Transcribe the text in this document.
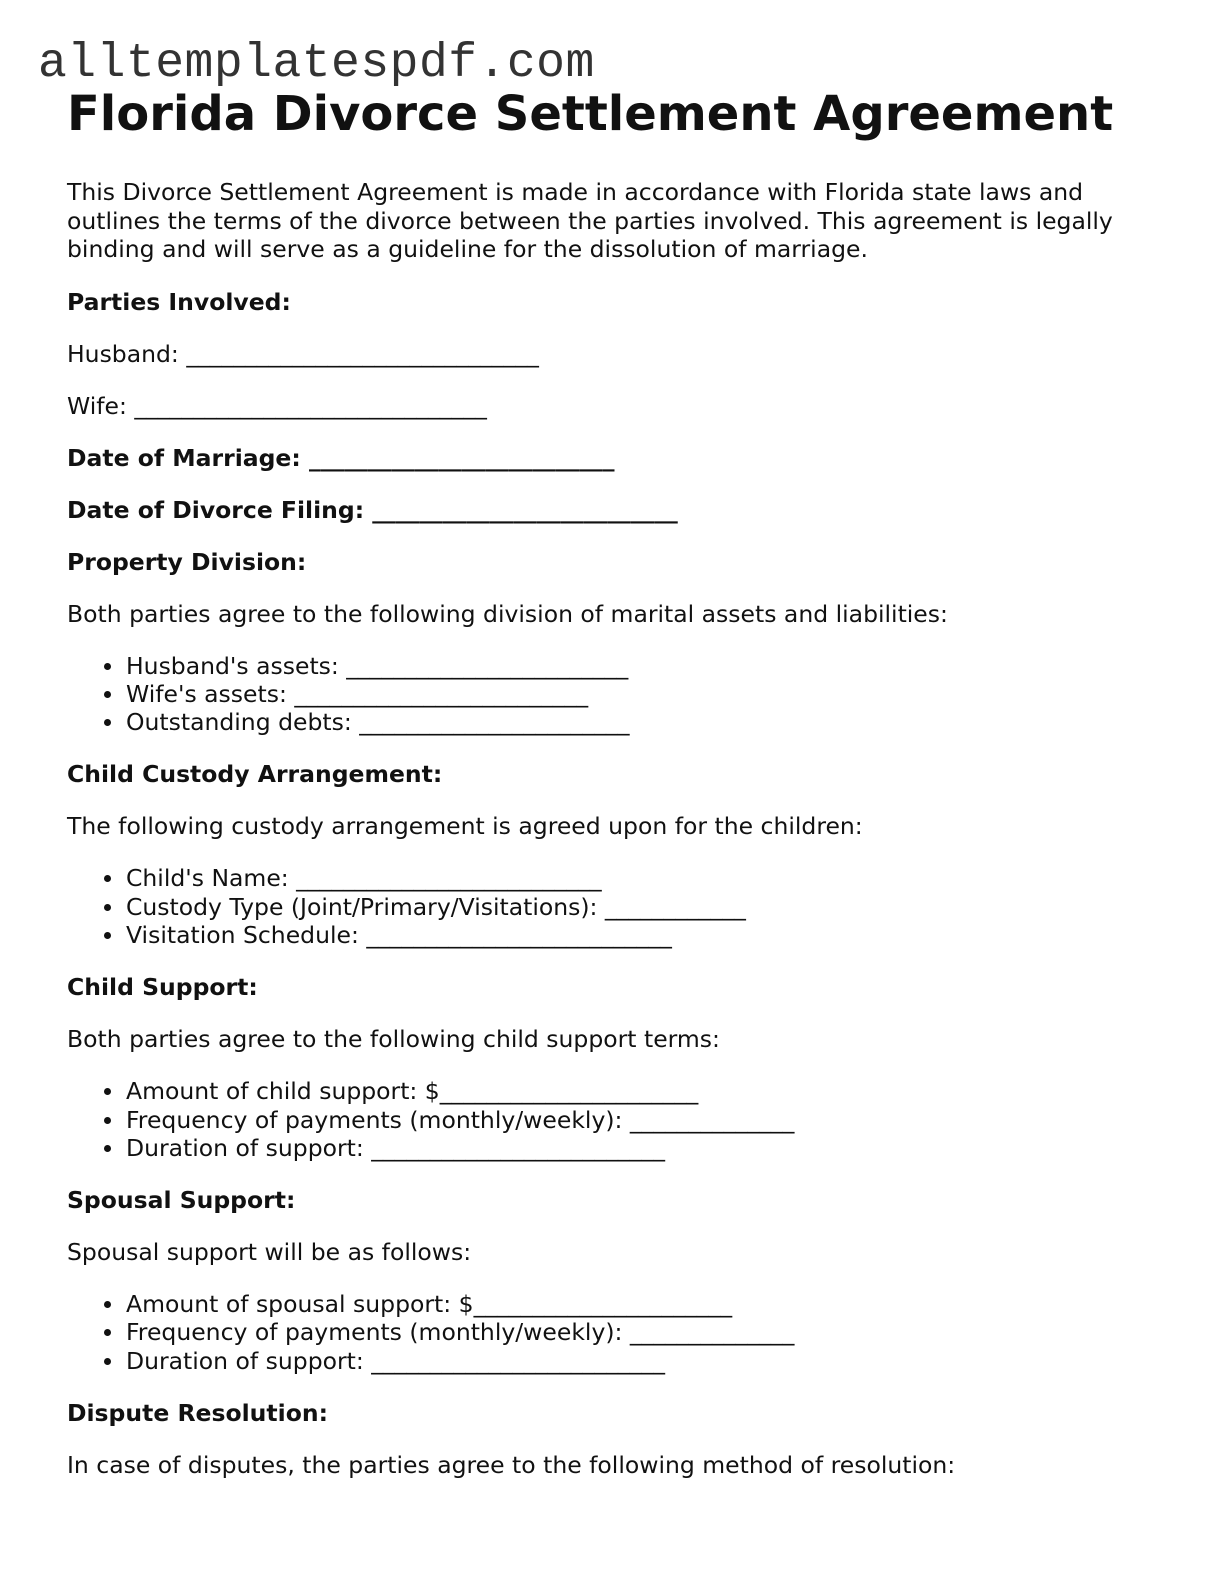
alltemplatespdf.com
Florida Divorce Settlement Agreement

This Divorce Settlement Agreement is made in accordance with Florida state laws and outlines the terms of the divorce between the parties involved. This agreement is legally binding and will serve as a guideline for the dissolution of marriage.

Parties Involved:

Husband: ______________________________

Wife: ______________________________

Date of Marriage: __________________________

Date of Divorce Filing: __________________________

Property Division:

Both parties agree to the following division of marital assets and liabilities:

Husband's assets: ________________________
Wife's assets: _________________________
Outstanding debts: _______________________

Child Custody Arrangement:

The following custody arrangement is agreed upon for the children:

Child's Name: __________________________
Custody Type (Joint/Primary/Visitations): ____________
Visitation Schedule: __________________________

Child Support:

Both parties agree to the following child support terms:

Amount of child support: $______________________
Frequency of payments (monthly/weekly): ______________
Duration of support: _________________________

Spousal Support:

Spousal support will be as follows:

Amount of spousal support: $______________________
Frequency of payments (monthly/weekly): ______________
Duration of support: _________________________

Dispute Resolution:

In case of disputes, the parties agree to the following method of resolution:
